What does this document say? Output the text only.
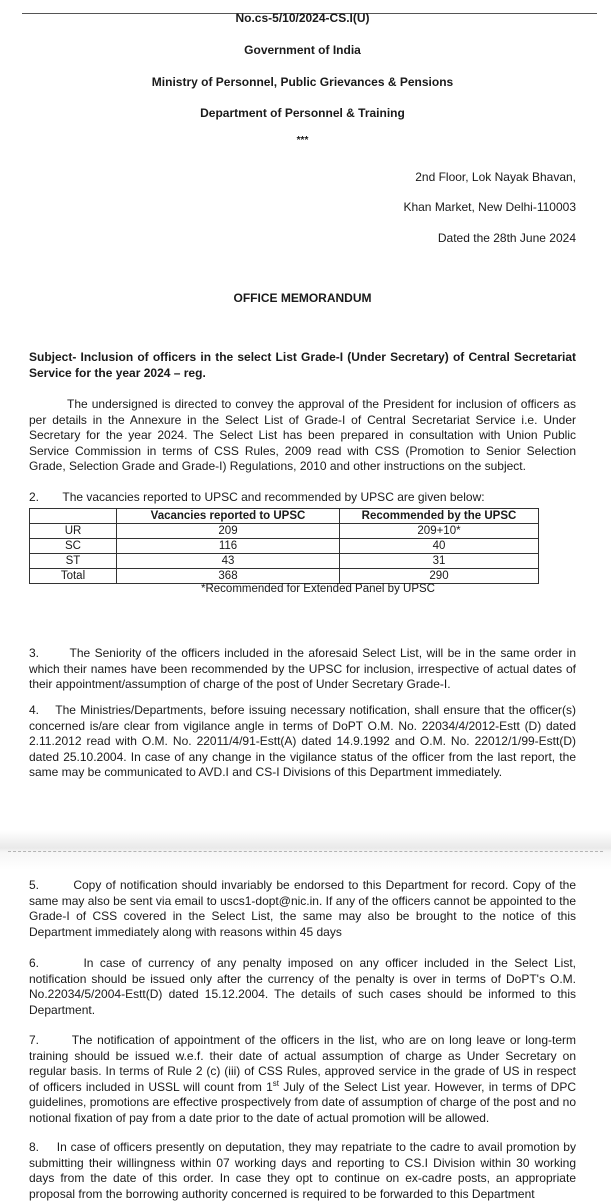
No.cs-5/10/2024-CS.I(U)
Government of India
Ministry of Personnel, Public Grievances & Pensions
Department of Personnel & Training
***
2nd Floor, Lok Nayak Bhavan,
Khan Market, New Delhi-110003
Dated the 28th June 2024
OFFICE MEMORANDUM
Subject- Inclusion of officers in the select List Grade-I (Under Secretary) of Central Secretariat Service for the year 2024 – reg.
The undersigned is directed to convey the approval of the President for inclusion of officers as per details in the Annexure in the Select List of Grade-I of Central Secretariat Service i.e. Under Secretary for the year 2024. The Select List has been prepared in consultation with Union Public Service Commission in terms of CSS Rules, 2009 read with CSS (Promotion to Senior Selection Grade, Selection Grade and Grade-I) Regulations, 2010 and other instructions on the subject.
2. The vacancies reported to UPSC and recommended by UPSC are given below:
	Vacancies reported to UPSC	Recommended by the UPSC
UR	209	209+10*
SC	116	40
ST	43	31
Total	368	290
*Recommended for Extended Panel by UPSC
3.	The Seniority of the officers included in the aforesaid Select List, will be in the same order in which their names have been recommended by the UPSC for inclusion, irrespective of actual dates of their appointment/assumption of charge of the post of Under Secretary Grade-I.
4. The Ministries/Departments, before issuing necessary notification, shall ensure that the officer(s) concerned is/are clear from vigilance angle in terms of DoPT O.M. No. 22034/4/2012-Estt (D) dated 2.11.2012 read with O.M. No. 22011/4/91-Estt(A) dated 14.9.1992 and O.M. No. 22012/1/99-Estt(D) dated 25.10.2004. In case of any change in the vigilance status of the officer from the last report, the same may be communicated to AVD.I and CS-I Divisions of this Department immediately.
5.	Copy of notification should invariably be endorsed to this Department for record. Copy of the same may also be sent via email to uscs1-dopt@nic.in. If any of the officers cannot be appointed to the Grade-I of CSS covered in the Select List, the same may also be brought to the notice of this Department immediately along with reasons within 45 days
6.	In case of currency of any penalty imposed on any officer included in the Select List, notification should be issued only after the currency of the penalty is over in terms of DoPT's O.M. No.22034/5/2004-Estt(D) dated 15.12.2004. The details of such cases should be informed to this Department.
7.	The notification of appointment of the officers in the list, who are on long leave or long-term training should be issued w.e.f. their date of actual assumption of charge as Under Secretary on regular basis. In terms of Rule 2 (c) (iii) of CSS Rules, approved service in the grade of US in respect of officers included in USSL will count from 1st July of the Select List year. However, in terms of DPC guidelines, promotions are effective prospectively from date of assumption of charge of the post and no notional fixation of pay from a date prior to the date of actual promotion will be allowed.
8. In case of officers presently on deputation, they may repatriate to the cadre to avail promotion by submitting their willingness within 07 working days and reporting to CS.I Division within 30 working days from the date of this order. In case they opt to continue on ex-cadre posts, an appropriate proposal from the borrowing authority concerned is required to be forwarded to this Department
